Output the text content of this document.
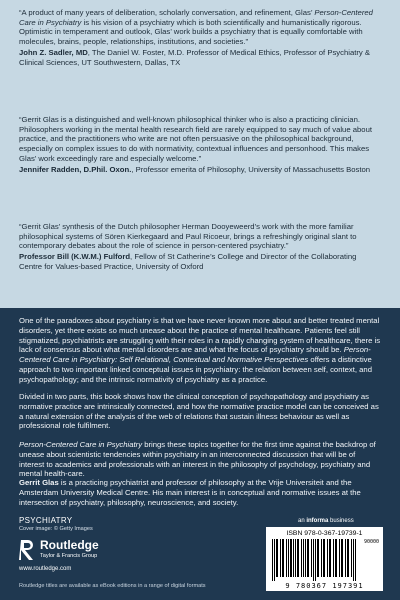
“A product of many years of deliberation, scholarly conversation, and refinement, Glas’ Person-Centered Care in Psychiatry is his vision of a psychiatry which is both scientifically and humanistically rigorous. Optimistic in temperament and outlook, Glas’ work builds a psychiatry that is equally comfortable with molecules, brains, people, relationships, institutions, and societies.”

John Z. Sadler, MD, The Daniel W. Foster, M.D. Professor of Medical Ethics, Professor of Psychiatry & Clinical Sciences, UT Southwestern, Dallas, TX

“Gerrit Glas is a distinguished and well-known philosophical thinker who is also a practicing clinician. Philosophers working in the mental health research field are rarely equipped to say much of value about practice, and the practitioners who write are not often persuasive on the philosophical background, especially on complex issues to do with normativity, contextual influences and personhood. This makes Glas’ work exceedingly rare and especially welcome.”

Jennifer Radden, D.Phil. Oxon., Professor emerita of Philosophy, University of Massachusetts Boston

“Gerrit Glas’ synthesis of the Dutch philosopher Herman Dooyeweerd’s work with the more familiar philosophical systems of Sören Kierkegaard and Paul Ricoeur, brings a refreshingly original slant to contemporary debates about the role of science in person-centered psychiatry.”

Professor Bill (K.W.M.) Fulford, Fellow of St Catherine’s College and Director of the Collaborating Centre for Values-based Practice, University of Oxford

One of the paradoxes about psychiatry is that we have never known more about and better treated mental disorders, yet there exists so much unease about the practice of mental healthcare. Patients feel still stigmatized, psychiatrists are struggling with their roles in a rapidly changing system of healthcare, there is lack of consensus about what mental disorders are and what the focus of psychiatry should be. Person-Centered Care in Psychiatry: Self Relational, Contextual and Normative Perspectives offers a distinctive approach to two important linked conceptual issues in psychiatry: the relation between self, context, and psychopathology; and the intrinsic normativity of psychiatry as a practice.

Divided in two parts, this book shows how the clinical conception of psychopathology and psychiatry as normative practice are intrinsically connected, and how the normative practice model can be conceived as a natural extension of the analysis of the web of relations that sustain illness behaviour as well as professional role fulfilment.

Person-Centered Care in Psychiatry brings these topics together for the first time against the backdrop of unease about scientistic tendencies within psychiatry in an interconnected discussion that will be of interest to academics and professionals with an interest in the philosophy of psychology, psychiatry and mental health-care.

Gerrit Glas is a practicing psychiatrist and professor of philosophy at the Vrije Universiteit and the Amsterdam University Medical Centre. His main interest is in conceptual and normative issues at the intersection of psychiatry, philosophy, neuroscience, and society.

PSYCHIATRY
Cover image: © Getty Images
Routledge
Taylor & Francis Group
www.routledge.com
Routledge titles are available as eBook editions in a range of digital formats
an informa business
ISBN 978-0-367-19739-1
90000
9 780367 197391
